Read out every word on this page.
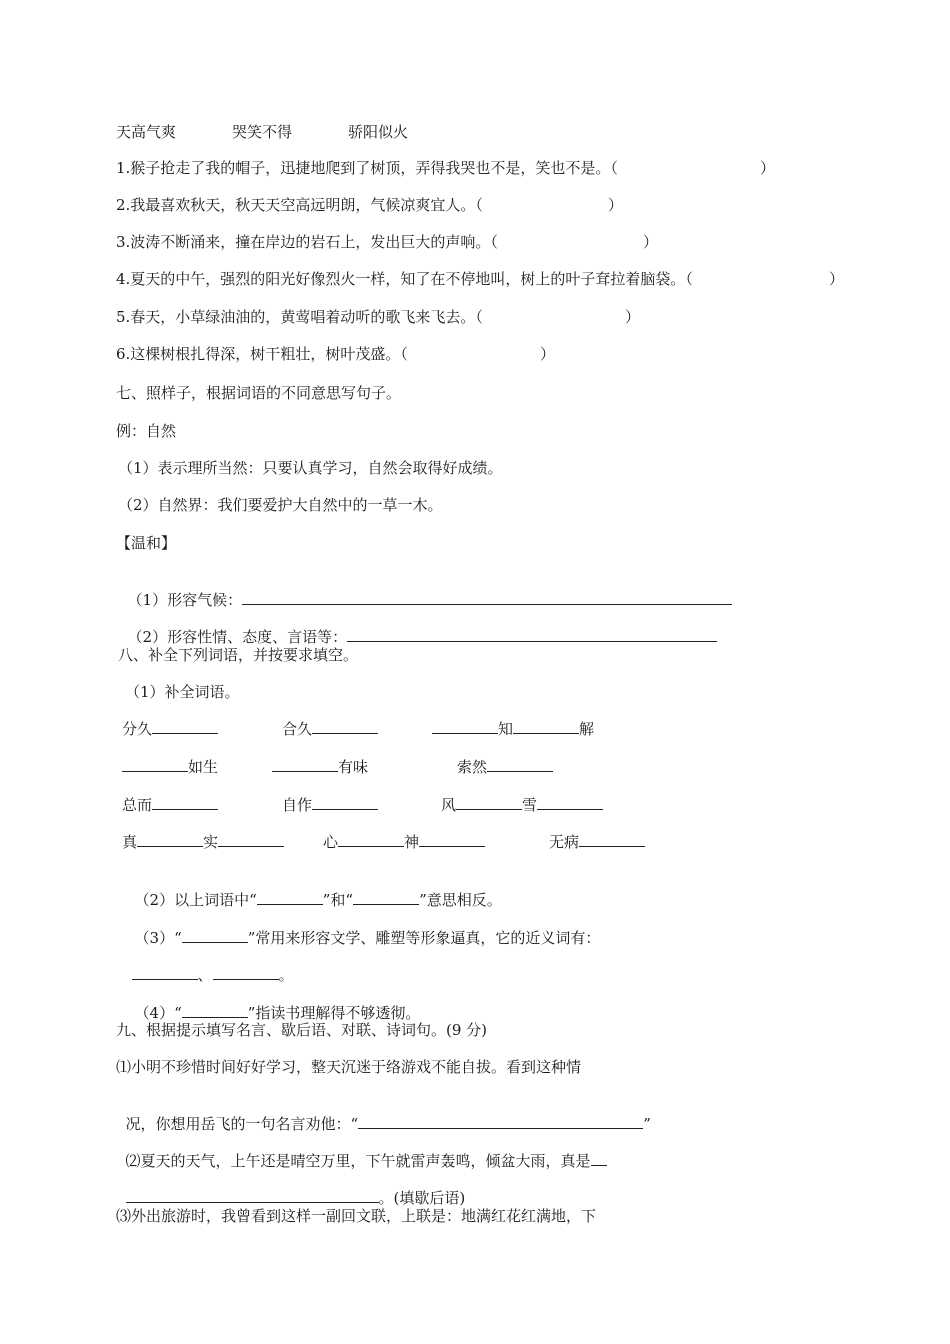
天高气爽	哭笑不得	骄阳似火
1.猴子抢走了我的帽子，迅捷地爬到了树顶，弄得我哭也不是，笑也不是。（	）
2.我最喜欢秋天，秋天天空高远明朗，气候凉爽宜人。（	）
3.波涛不断涌来，撞在岸边的岩石上，发出巨大的声响。（	）
4.夏天的中午，强烈的阳光好像烈火一样，知了在不停地叫，树上的叶子耷拉着脑袋。（	）
5.春天，小草绿油油的，黄莺唱着动听的歌飞来飞去。（	）
6.这棵树根扎得深，树干粗壮，树叶茂盛。（	）
七、照样子，根据词语的不同意思写句子。
例：自然
（1）表示理所当然：只要认真学习，自然会取得好成绩。
（2）自然界：我们要爱护大自然中的一草一木。
【温和】

（1）形容气候：

（2）形容性情、态度、言语等：

八、补全下列词语，并按要求填空。
（1）补全词语。
分久	合久	知	解
如生	有味	索然
总而	自作	风	雪
真	实	心	神	无病

（2）以上词语中“	”和“	”意思相反。

（3）“	”常用来形容文学、雕塑等形象逼真，它的近义词有：

、	。

（4）“	”指读书理解得不够透彻。

九、根据提示填写名言、歇后语、对联、诗词句。(9 分)
⑴小明不珍惜时间好好学习，整天沉迷于络游戏不能自拔。看到这种情

况，你想用岳飞的一句名言劝他：“	”

⑵夏天的天气，上午还是晴空万里，下午就雷声轰鸣，倾盆大雨，真是

。(填歇后语)

⑶外出旅游时，我曾看到这样一副回文联，上联是：地满红花红满地，下
